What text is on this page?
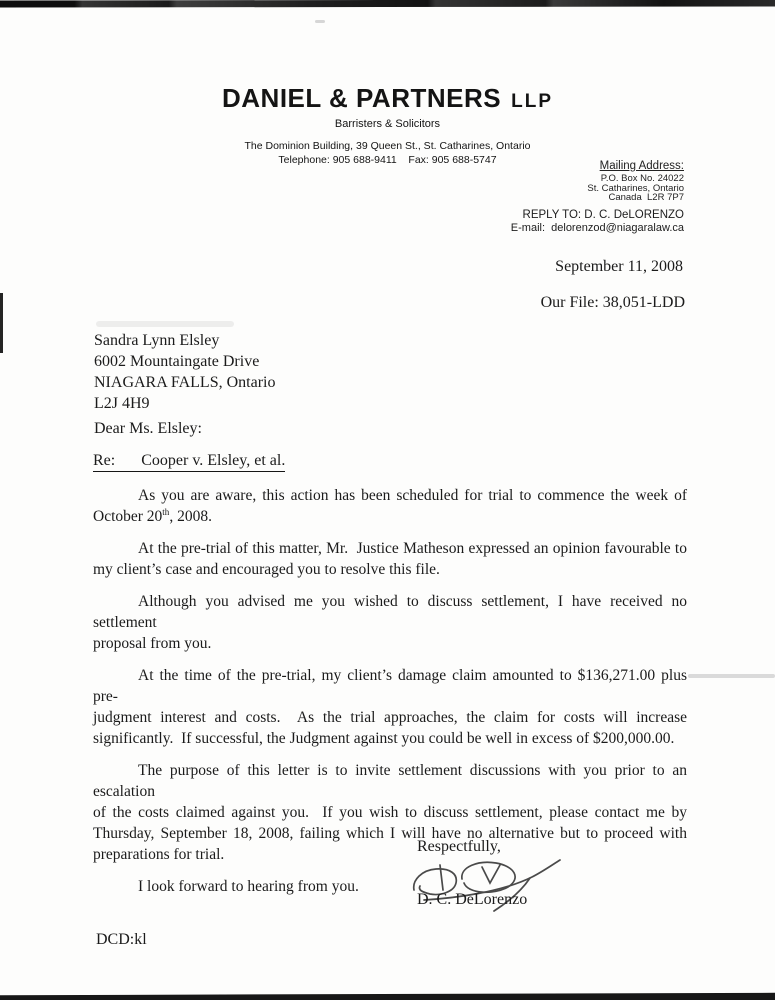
DANIEL & PARTNERS LLP
Barristers & Solicitors
The Dominion Building, 39 Queen St., St. Catharines, Ontario
Telephone: 905 688-9411    Fax: 905 688-5747	Mailing Address:
P.O. Box No. 24022
St. Catharines, Ontario
Canada  L2R 7P7
REPLY TO: D. C. DeLORENZO
E-mail:  delorenzod@niagaralaw.ca
September 11, 2008
Our File: 38,051-LDD
Sandra Lynn Elsley
6002 Mountaingate Drive
NIAGARA FALLS, Ontario
L2J 4H9
Dear Ms. Elsley:
Re: Cooper v. Elsley, et al.
As you are aware, this action has been scheduled for trial to commence the week of
October 20th, 2008.
At the pre-trial of this matter, Mr.  Justice Matheson expressed an opinion favourable to
my client’s case and encouraged you to resolve this file.
Although you advised me you wished to discuss settlement, I have received no settlement
proposal from you.
At the time of the pre-trial, my client’s damage claim amounted to $136,271.00 plus pre-
judgment interest and costs.  As the trial approaches, the claim for costs will increase
significantly.  If successful, the Judgment against you could be well in excess of $200,000.00.
The purpose of this letter is to invite settlement discussions with you prior to an escalation
of the costs claimed against you.  If you wish to discuss settlement, please contact me by
Thursday, September 18, 2008, failing which I will have no alternative but to proceed with
preparations for trial.
I look forward to hearing from you.
Respectfully,
D. C. DeLorenzo
DCD:kl
